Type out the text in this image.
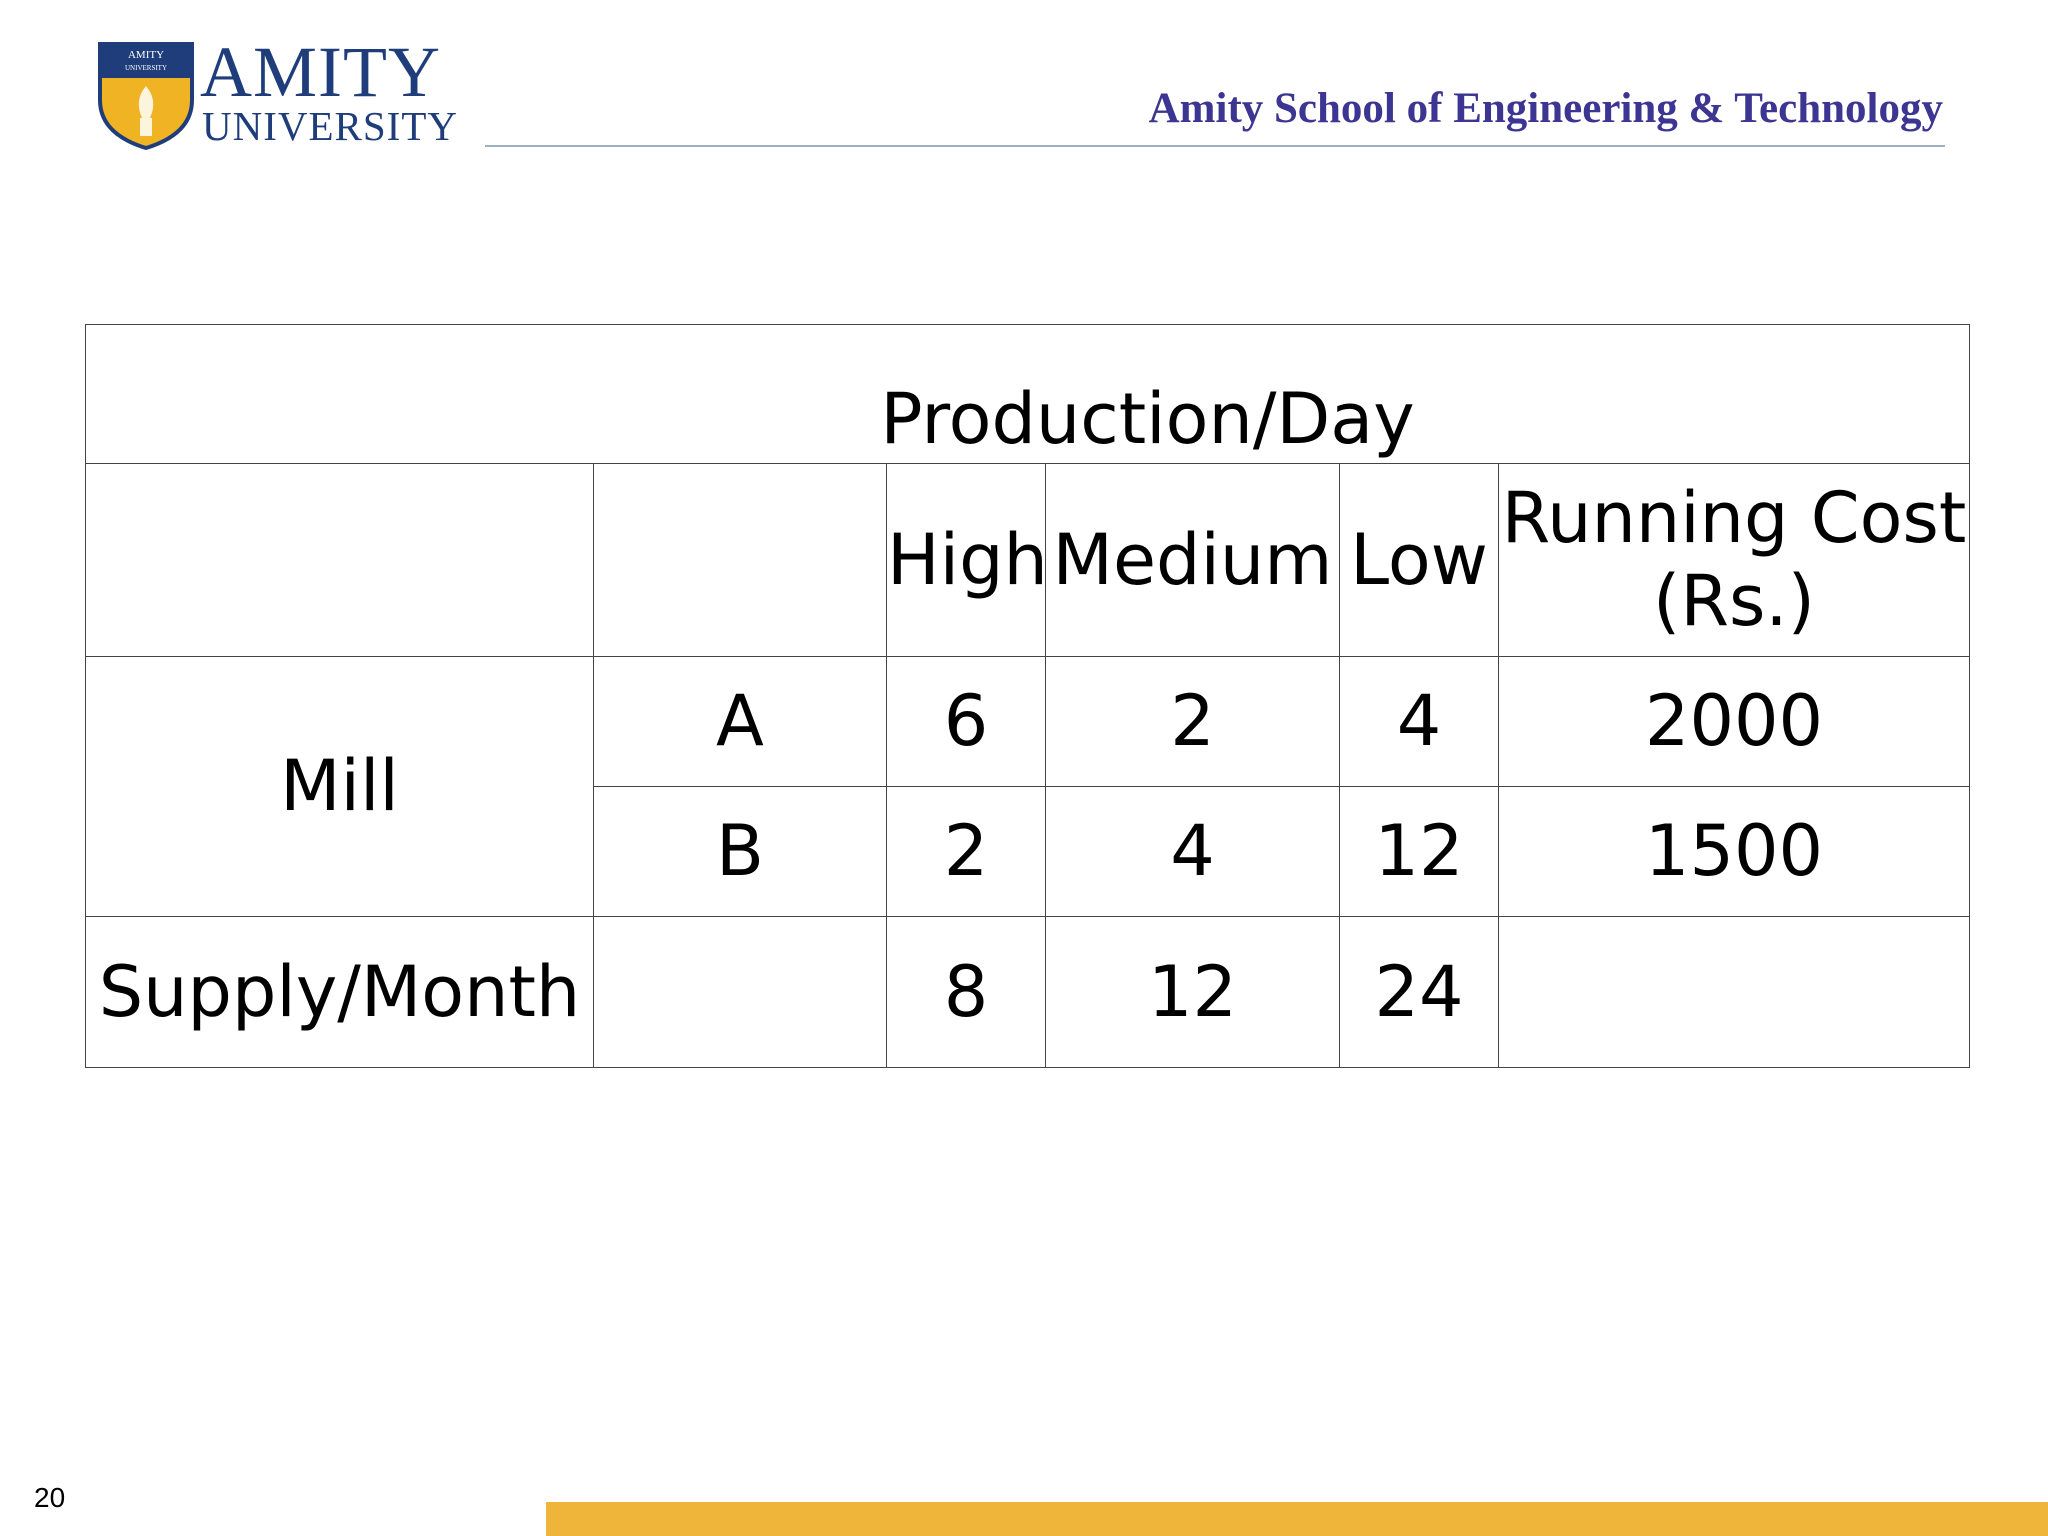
AMITY
UNIVERSITY AMITY
UNIVERSITY	Amity School of Engineering & Technology
Production/Day					
		High	Medium	Low	Running Cost (Rs.)
Mill	A	6	2	4	2000
	B	2	4	12	1500
Supply/Month		8	12	24	
20
